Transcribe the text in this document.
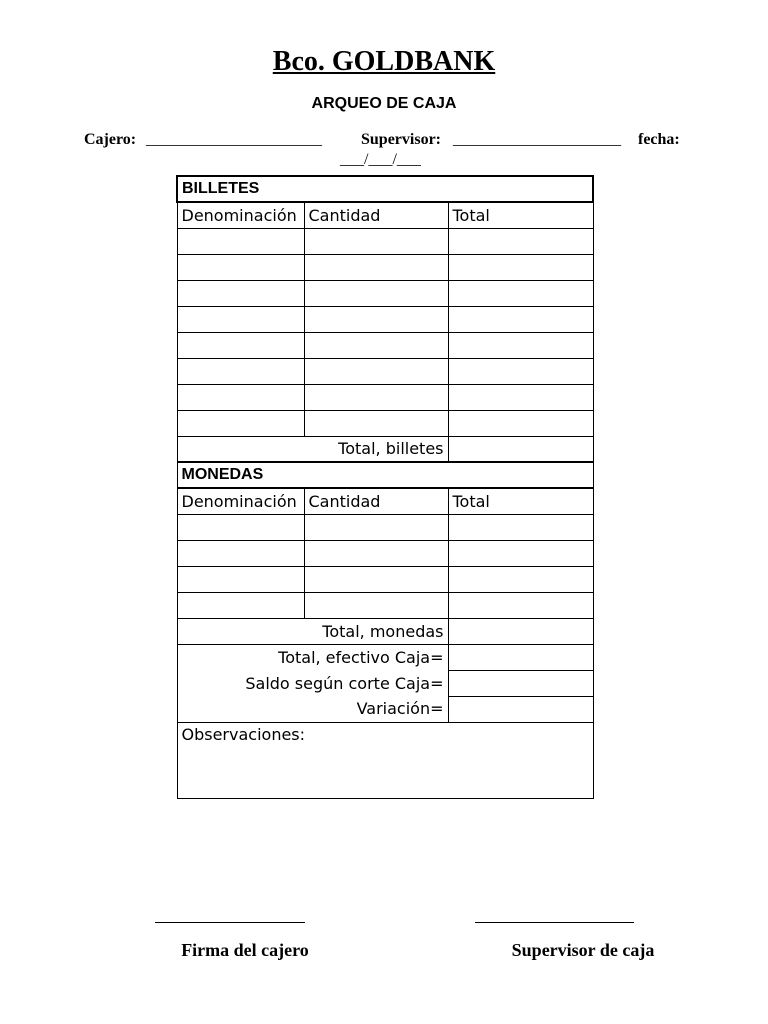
Bco. GOLDBANK
ARQUEO DE CAJA
Cajero: ______________________ Supervisor: _____________________ fecha:
___/___/___
BILLETES		
Denominación	Cantidad	Total

Total, billetes		
MONEDAS		
Denominación	Cantidad	Total

Total, monedas		
Total, efectivo Caja=		
Saldo según corte Caja=		
Variación=		
Observaciones:		
Firma del cajero	Supervisor de caja
